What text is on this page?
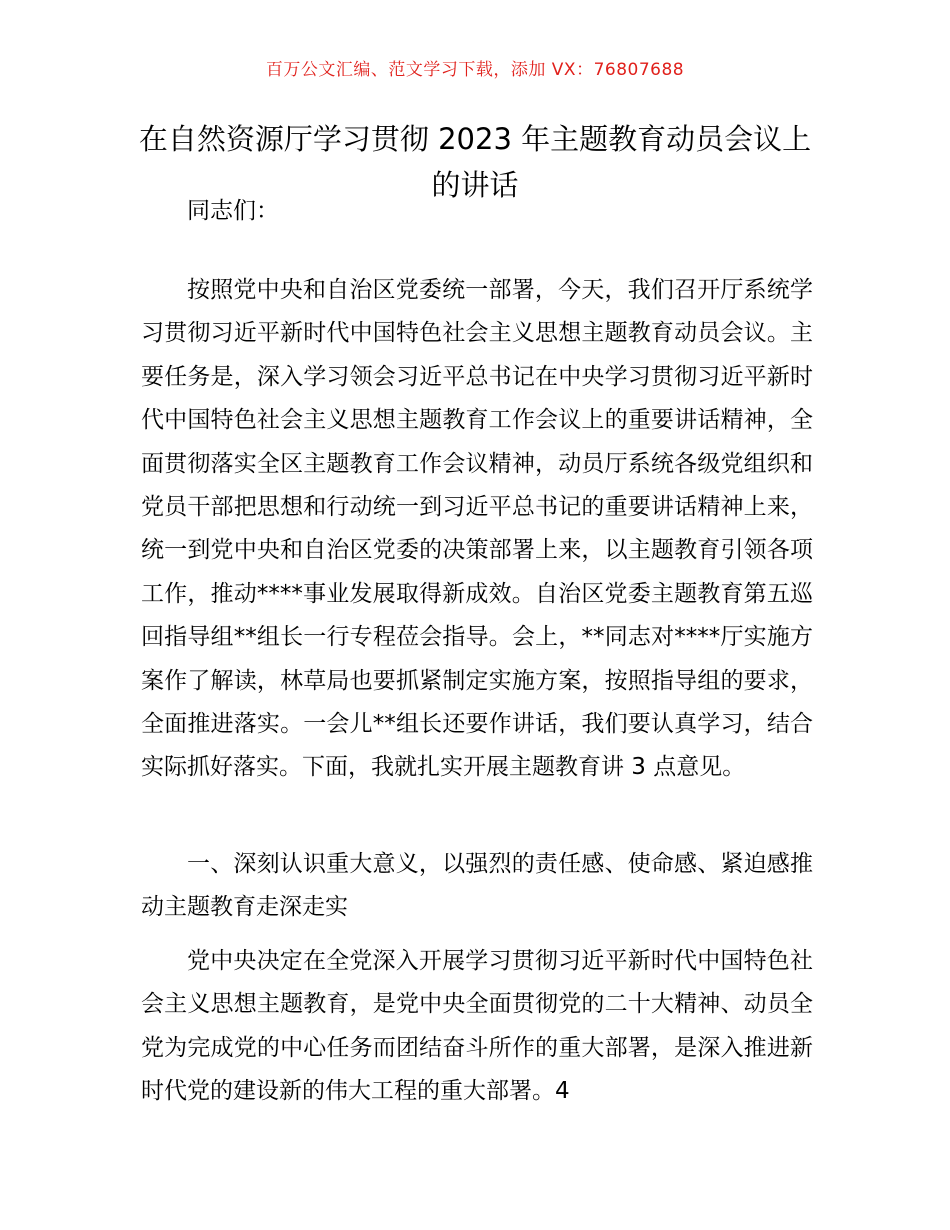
百万公文汇编、范文学习下载，添加 VX：76807688
在自然资源厅学习贯彻 2023 年主题教育动员会议上的讲话

同志们：

按照党中央和自治区党委统一部署，今天，我们召开厅系统学习贯彻习近平新时代中国特色社会主义思想主题教育动员会议。主要任务是，深入学习领会习近平总书记在中央学习贯彻习近平新时代中国特色社会主义思想主题教育工作会议上的重要讲话精神，全面贯彻落实全区主题教育工作会议精神，动员厅系统各级党组织和党员干部把思想和行动统一到习近平总书记的重要讲话精神上来，统一到党中央和自治区党委的决策部署上来，以主题教育引领各项工作，推动****事业发展取得新成效。自治区党委主题教育第五巡回指导组**组长一行专程莅会指导。会上，**同志对****厅实施方案作了解读，林草局也要抓紧制定实施方案，按照指导组的要求，全面推进落实。一会儿**组长还要作讲话，我们要认真学习，结合实际抓好落实。下面，我就扎实开展主题教育讲 3 点意见。

一、深刻认识重大意义，以强烈的责任感、使命感、紧迫感推动主题教育走深走实

党中央决定在全党深入开展学习贯彻习近平新时代中国特色社会主义思想主题教育，是党中央全面贯彻党的二十大精神、动员全党为完成党的中心任务而团结奋斗所作的重大部署，是深入推进新时代党的建设新的伟大工程的重大部署。4
